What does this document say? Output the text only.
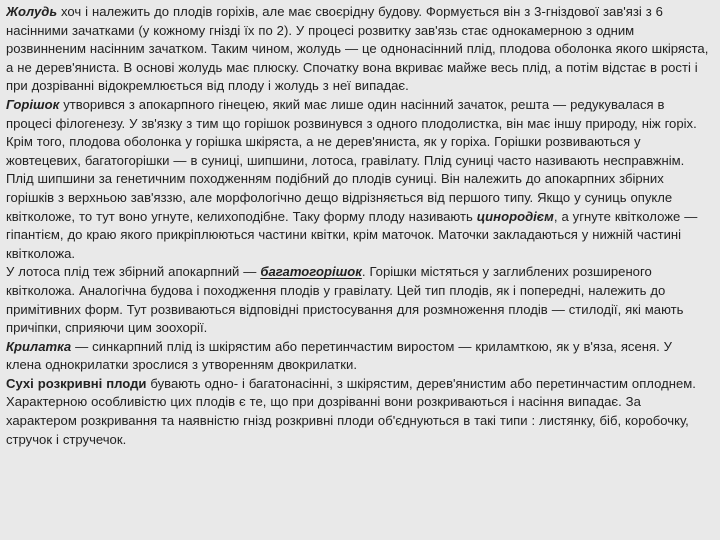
Жолудь хоч і належить до плодів горіхів, але має своєрідну будову. Формується він з 3-гніздової зав'язі з 6 насінними зачатками (у кожному гнізді їх по 2). У процесі розвитку зав'язь стає однокамерною з одним розвинненим насінним зачатком. Таким чином, жолудь — це однонасінний плід, плодова оболонка якого шкіряста, а не дерев'яниста. В основі жолудь має плюску. Спочатку вона вкриває майже весь плід, а потім відстає в рості і при дозріванні відокремлюється від плоду і жолудь з неї випадає.

Горішок утворився з апокарпного гінецею, який має лише один насінний зачаток, решта — редукувалася в процесі філогенезу. У зв'язку з тим що горішок розвинувся з одного плодолистка, він має іншу природу, ніж горіх. Крім того, плодова оболонка у горішка шкіряста, а не дерев'яниста, як у горіха. Горішки розвиваються у жовтецевих, багатогорішки — в суниці, шипшини, лотоса, гравілату. Плід суниці часто називають несправжнім.

Плід шипшини за генетичним походженням подібний до плодів суниці. Він належить до апокарпних збірних горішків з верхньою зав'яззю, але морфологічно дещо відрізняється від першого типу. Якщо у суниць опукле квітколоже, то тут воно угнуте, келихоподібне. Таку форму плоду називають цинородієм, а угнуте квітколоже — гіпантієм, до краю якого прикріплюються частини квітки, крім маточок. Маточки закладаються у нижній частині квітколожа.

У лотоса плід теж збірний апокарпний — багатогорішок. Горішки містяться у заглиблених розширеного квітколожа. Аналогічна будова і походження плодів у гравілату. Цей тип плодів, як і попередні, належить до примітивних форм. Тут розвиваються відповідні пристосування для розмноження плодів — стилодії, які мають причіпки, сприяючи цим зоохорії.

Крилатка — синкарпний плід із шкірястим або перетинчастим виростом — криламткою, як у в'яза, ясеня. У клена однокрилатки зрослися з утворенням двокрилатки.

Сухі розкривні плоди бувають одно- і багатонасінні, з шкірястим, дерев'янистим або перетинчастим оплоднем. Характерною особливістю цих плодів є те, що при дозріванні вони розкриваються і насіння випадає. За характером розкривання та наявністю гнізд розкривні плоди об'єднуються в такі типи : листянку, біб, коробочку, стручок і стручечок.
